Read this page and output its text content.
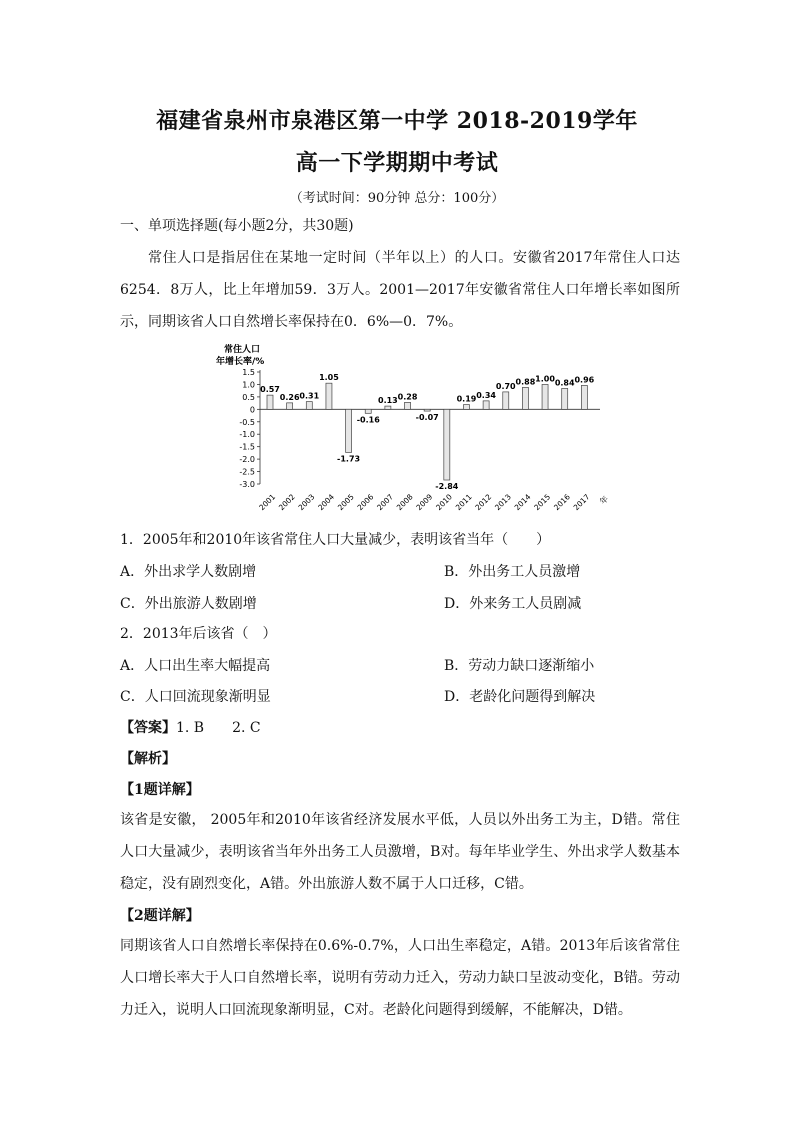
福建省泉州市泉港区第一中学 2018-2019学年
高一下学期期中考试
（考试时间：90分钟 总分：100分）
一、单项选择题(每小题2分，共30题)
常住人口是指居住在某地一定时间（半年以上）的人口。安徽省2017年常住人口达6254．8万人，比上年增加59．3万人。2001—2017年安徽省常住人口年增长率如图所示，同期该省人口自然增长率保持在0．6%—0．7%。
常住人口
年增长率/%
1.5
1.0
0.5
0
-0.5
-1.0
-1.5
-2.0
-2.5
-3.0
0.57
2001
0.26
2002
0.31
2003
1.05
2004
-1.73
2005
-0.16
2006
0.13
2007
0.28
2008
-0.07
2009
-2.84
2010
0.19
2011
0.34
2012
0.70
2013
0.88
2014
1.00
2015
0.84
2016
0.96
2017 年
1．2005年和2010年该省常住人口大量减少，表明该省当年（　　）
A．外出求学人数剧增	B．外出务工人员激增
C．外出旅游人数剧增	D．外来务工人员剧减
2．2013年后该省（　）
A．人口出生率大幅提高	B．劳动力缺口逐渐缩小
C．人口回流现象渐明显	D．老龄化问题得到解决
【答案】1. B　　2. C
【解析】
【1题详解】
该省是安徽， 2005年和2010年该省经济发展水平低，人员以外出务工为主，D错。常住人口大量减少，表明该省当年外出务工人员激增，B对。每年毕业学生、外出求学人数基本稳定，没有剧烈变化，A错。外出旅游人数不属于人口迁移，C错。
【2题详解】
同期该省人口自然增长率保持在0.6%-0.7%，人口出生率稳定，A错。2013年后该省常住人口增长率大于人口自然增长率，说明有劳动力迁入，劳动力缺口呈波动变化，B错。劳动力迁入，说明人口回流现象渐明显，C对。老龄化问题得到缓解，不能解决，D错。
